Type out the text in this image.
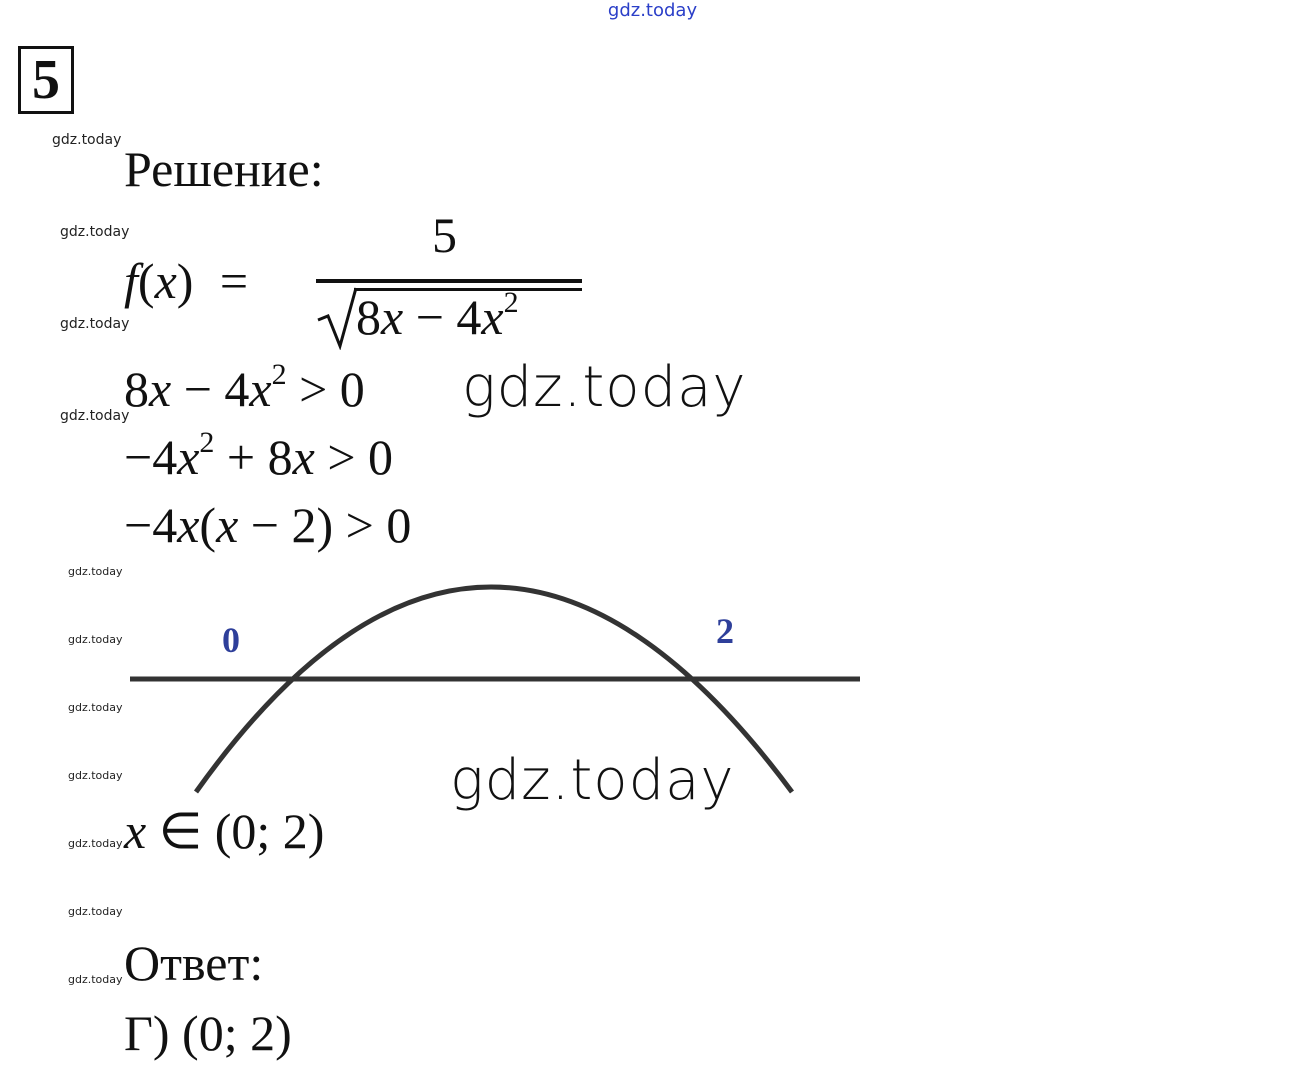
gdz.today
5
gdz.today
gdz.today
gdz.today
gdz.today
gdz.today
gdz.today
gdz.today
gdz.today
gdz.today
gdz.today
gdz.today
Решение:
f(x) =
5
$8x - 4x^2$
$8x - 4x^2 > 0$ gdz.today
$-4x^2 + 8x > 0$
−4x(x − 2) > 0
0	2
gdz.today
x ∈ (0; 2)
Ответ:
Г) (0; 2)
